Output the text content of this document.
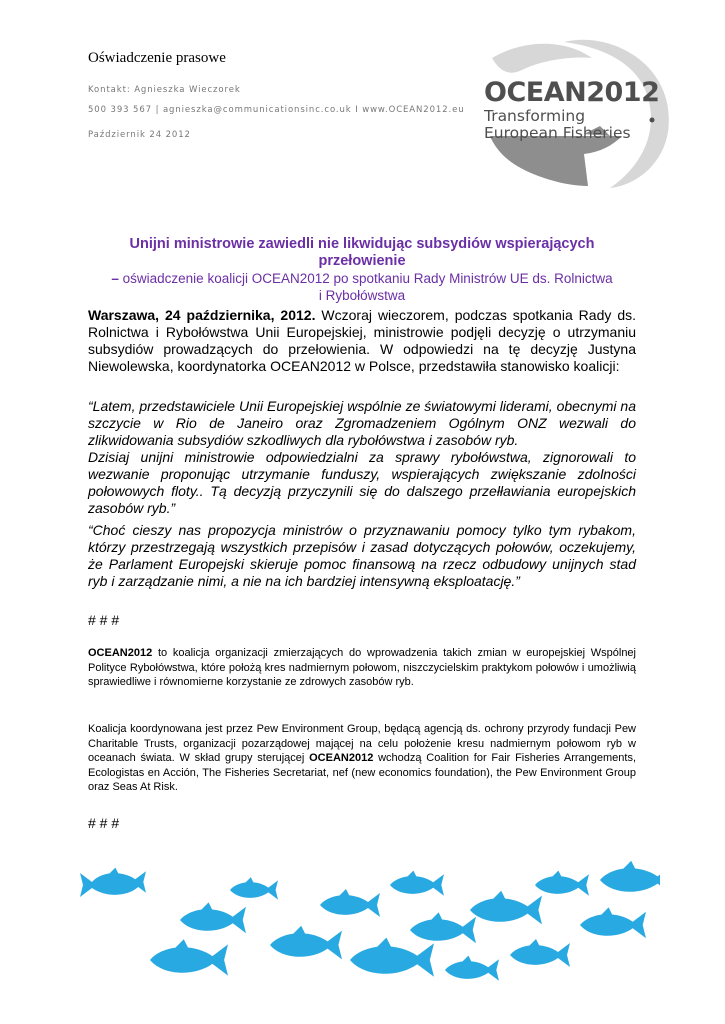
Oświadczenie prasowe
Kontakt: Agnieszka Wieczorek
500 393 567 | agnieszka@communicationsinc.co.uk I www.OCEAN2012.eu
Październik 24 2012
OCEAN2012
Transforming
European Fisheries
Unijni ministrowie zawiedli nie likwidując subsydiów wspierających przełowienie
– oświadczenie koalicji OCEAN2012 po spotkaniu Rady Ministrów UE ds. Rolnictwa
i Rybołówstwa
Warszawa, 24 października, 2012. Wczoraj wieczorem, podczas spotkania Rady ds. Rolnictwa i Rybołówstwa Unii Europejskiej, ministrowie podjęli decyzję o utrzymaniu subsydiów prowadzących do przełowienia. W odpowiedzi na tę decyzję Justyna Niewolewska, koordynatorka OCEAN2012 w Polsce, przedstawiła stanowisko koalicji:
“Latem, przedstawiciele Unii Europejskiej wspólnie ze światowymi liderami, obecnymi na szczycie w Rio de Janeiro oraz Zgromadzeniem Ogólnym ONZ wezwali do zlikwidowania subsydiów szkodliwych dla rybołówstwa i zasobów ryb.
Dzisiaj unijni ministrowie odpowiedzialni za sprawy rybołówstwa, zignorowali to wezwanie proponując utrzymanie funduszy, wspierających zwiększanie zdolności połowowych floty.. Tą decyzją przyczynili się do dalszego przełławiania europejskich zasobów ryb.”
“Choć cieszy nas propozycja ministrów o przyznawaniu pomocy tylko tym rybakom, którzy przestrzegają wszystkich przepisów i zasad dotyczących połowów, oczekujemy, że Parlament Europejski skieruje pomoc finansową na rzecz odbudowy unijnych stad ryb i zarządzanie nimi, a nie na ich bardziej intensywną eksploatację.”
# # #
OCEAN2012 to koalicja organizacji zmierzających do wprowadzenia takich zmian w europejskiej Wspólnej Polityce Rybołówstwa, które położą kres nadmiernym połowom, niszczycielskim praktykom połowów i umożliwią sprawiedliwe i równomierne korzystanie ze zdrowych zasobów ryb.
Koalicja koordynowana jest przez Pew Environment Group, będącą agencją ds. ochrony przyrody fundacji Pew Charitable Trusts, organizacji pozarządowej mającej na celu położenie kresu nadmiernym połowom ryb w oceanach świata. W skład grupy sterującej OCEAN2012 wchodzą Coalition for Fair Fisheries Arrangements, Ecologistas en Acción, The Fisheries Secretariat, nef (new economics foundation), the Pew Environment Group oraz Seas At Risk.
# # #
